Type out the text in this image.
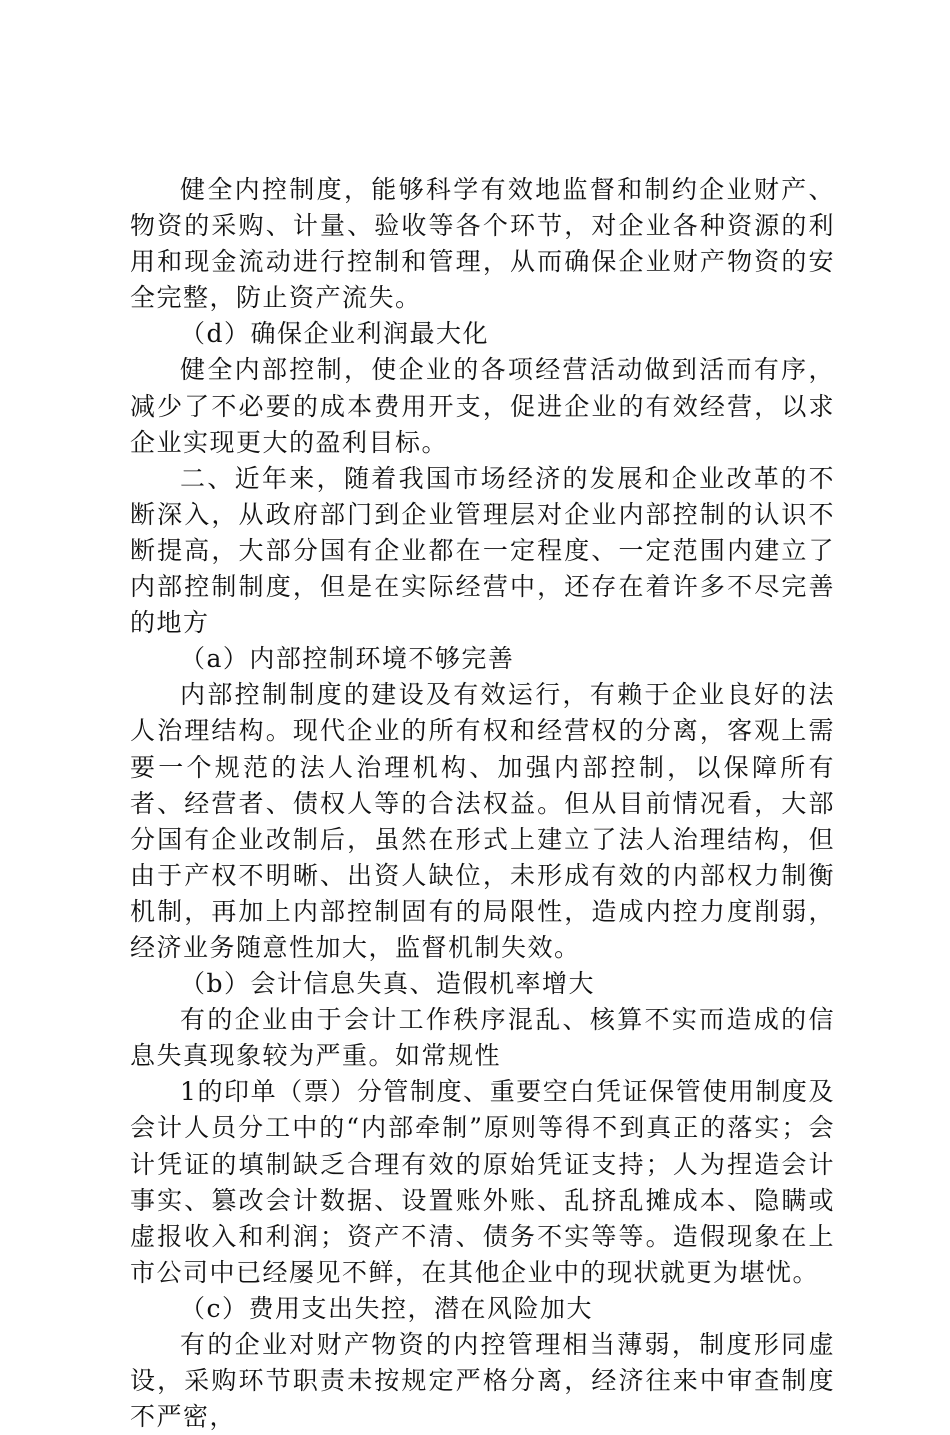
健全内控制度，能够科学有效地监督和制约企业财产、物资的采购、计量、验收等各个环节，对企业各种资源的利用和现金流动进行控制和管理，从而确保企业财产物资的安全完整，防止资产流失。

（d）确保企业利润最大化

健全内部控制，使企业的各项经营活动做到活而有序，减少了不必要的成本费用开支，促进企业的有效经营，以求企业实现更大的盈利目标。

二、近年来，随着我国市场经济的发展和企业改革的不断深入，从政府部门到企业管理层对企业内部控制的认识不断提高，大部分国有企业都在一定程度、一定范围内建立了内部控制制度，但是在实际经营中，还存在着许多不尽完善的地方

（a）内部控制环境不够完善

内部控制制度的建设及有效运行，有赖于企业良好的法人治理结构。现代企业的所有权和经营权的分离，客观上需要一个规范的法人治理机构、加强内部控制，以保障所有者、经营者、债权人等的合法权益。但从目前情况看，大部分国有企业改制后，虽然在形式上建立了法人治理结构，但由于产权不明晰、出资人缺位，未形成有效的内部权力制衡机制，再加上内部控制固有的局限性，造成内控力度削弱，经济业务随意性加大，监督机制失效。

（b）会计信息失真、造假机率增大

有的企业由于会计工作秩序混乱、核算不实而造成的信息失真现象较为严重。如常规性

1的印单（票）分管制度、重要空白凭证保管使用制度及会计人员分工中的“内部牵制”原则等得不到真正的落实；会计凭证的填制缺乏合理有效的原始凭证支持；人为捏造会计事实、篡改会计数据、设置账外账、乱挤乱摊成本、隐瞒或虚报收入和利润；资产不清、债务不实等等。造假现象在上市公司中已经屡见不鲜，在其他企业中的现状就更为堪忧。

（c）费用支出失控，潜在风险加大

有的企业对财产物资的内控管理相当薄弱，制度形同虚设，采购环节职责未按规定严格分离，经济往来中审查制度不严密，
